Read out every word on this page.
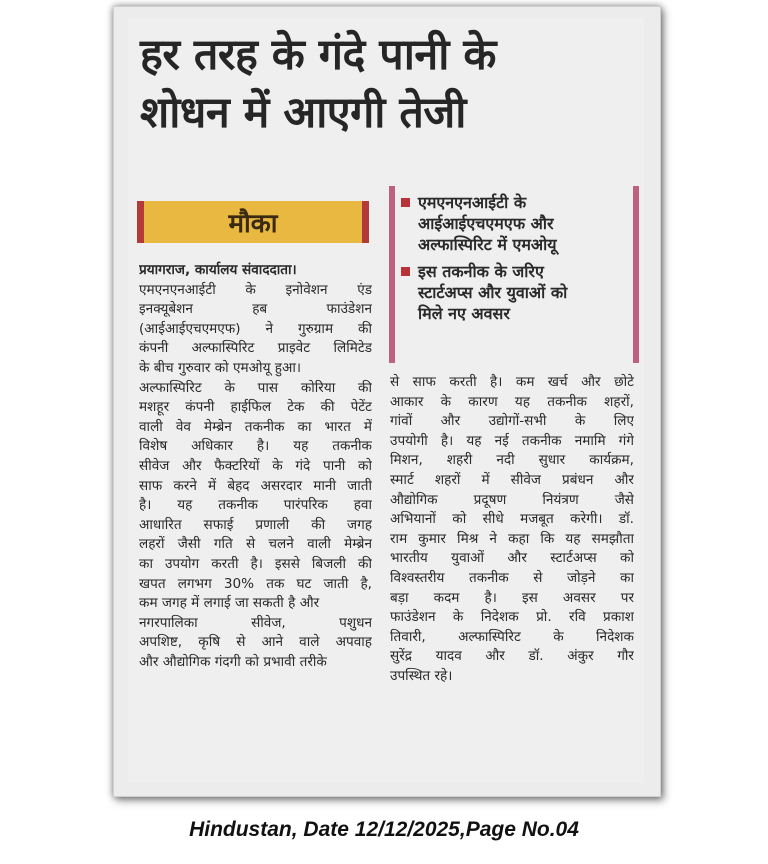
हर तरह के गंदे पानी के
शोधन में आएगी तेजी
मौका
एमएनएनआईटी के
आईआईएचएमएफ और
अल्फास्पिरिट में एमओयू
इस तकनीक के जरिए
स्टार्टअप्स और युवाओं को
मिले नए अवसर
प्रयागराज, कार्यालय संवाददाता।
एमएनएनआईटी के इनोवेशन एंड
इनक्यूबेशन हब फाउंडेशन
(आईआईएचएमएफ) ने गुरुग्राम की
कंपनी अल्फास्पिरिट प्राइवेट लिमिटेड
के बीच गुरुवार को एमओयू हुआ।
अल्फास्पिरिट के पास कोरिया की
मशहूर कंपनी हाईफिल टेक की पेटेंट
वाली वेव मेम्ब्रेन तकनीक का भारत में
विशेष अधिकार है। यह तकनीक
सीवेज और फैक्टरियों के गंदे पानी को
साफ करने में बेहद असरदार मानी जाती
है। यह तकनीक पारंपरिक हवा
आधारित सफाई प्रणाली की जगह
लहरों जैसी गति से चलने वाली मेम्ब्रेन
का उपयोग करती है। इससे बिजली की
खपत लगभग 30% तक घट जाती है,
कम जगह में लगाई जा सकती है और
नगरपालिका सीवेज, पशुधन
अपशिष्ट, कृषि से आने वाले अपवाह
और औद्योगिक गंदगी को प्रभावी तरीके
से साफ करती है। कम खर्च और छोटे
आकार के कारण यह तकनीक शहरों,
गांवों और उद्योगों-सभी के लिए
उपयोगी है। यह नई तकनीक नमामि गंगे
मिशन, शहरी नदी सुधार कार्यक्रम,
स्मार्ट शहरों में सीवेज प्रबंधन और
औद्योगिक प्रदूषण नियंत्रण जैसे
अभियानों को सीधे मजबूत करेगी। डॉ.
राम कुमार मिश्र ने कहा कि यह समझौता
भारतीय युवाओं और स्टार्टअप्स को
विश्वस्तरीय तकनीक से जोड़ने का
बड़ा कदम है। इस अवसर पर
फाउंडेशन के निदेशक प्रो. रवि प्रकाश
तिवारी, अल्फास्पिरिट के निदेशक
सुरेंद्र यादव और डॉ. अंकुर गौर
उपस्थित रहे।
Hindustan, Date 12/12/2025,Page No.04
